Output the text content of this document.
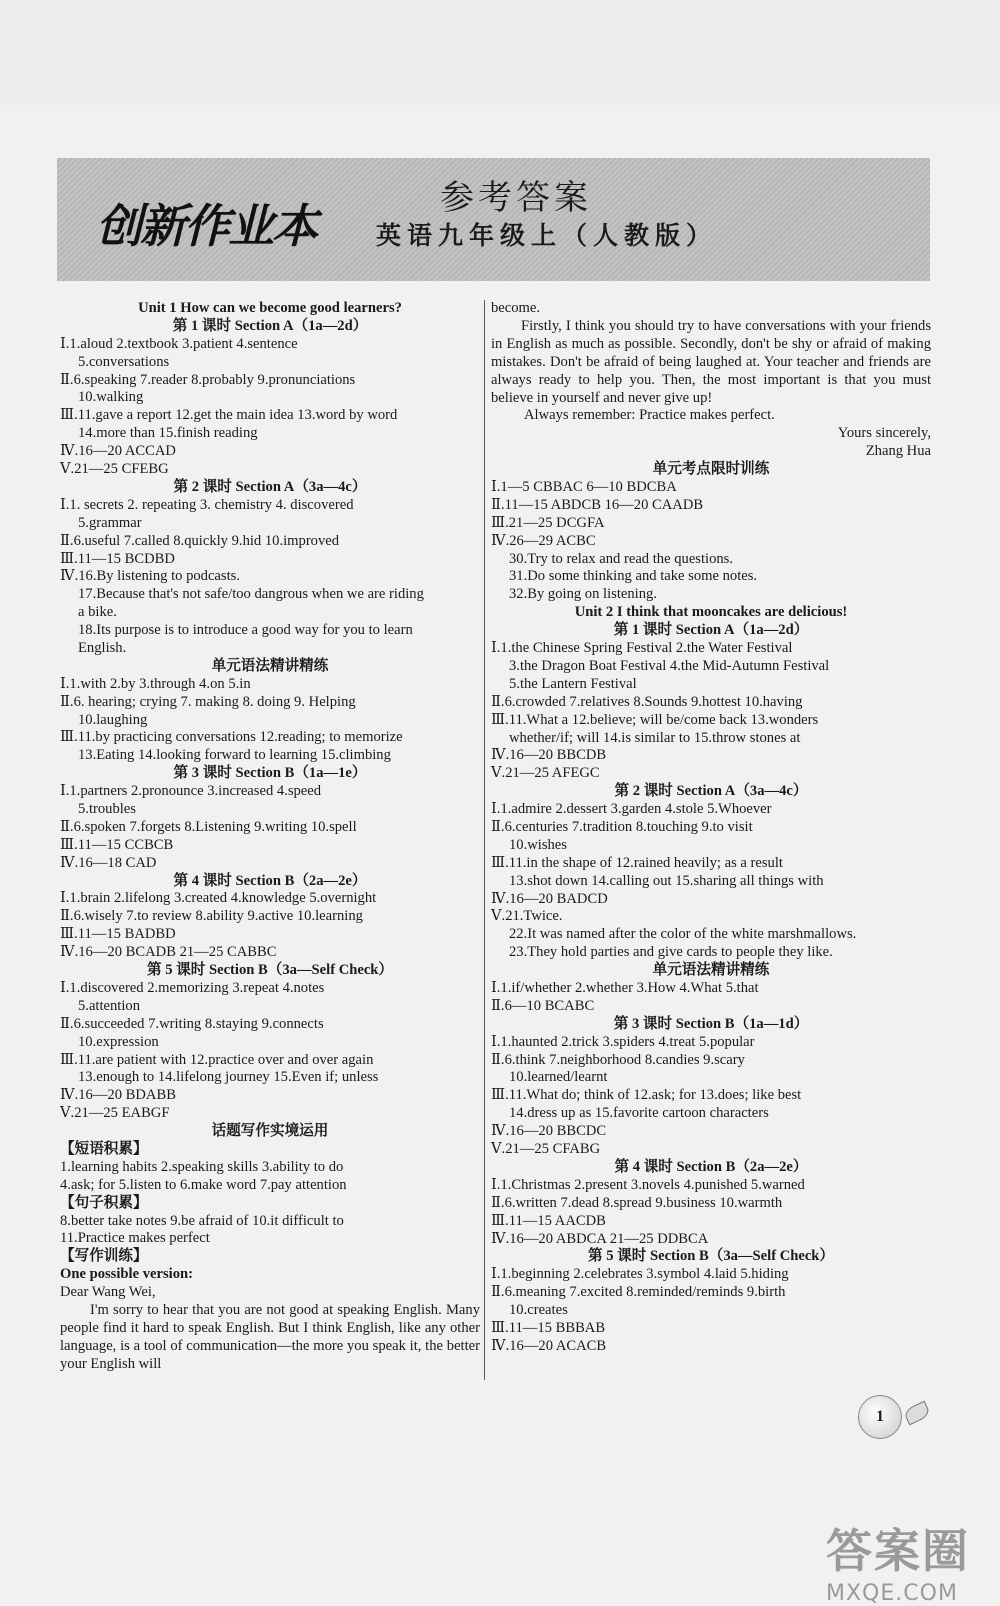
创新作业本
参考答案
英语九年级上（人教版）
Unit 1 How can we become good learners?
第 1 课时 Section A（1a—2d）
Ⅰ.1.aloud 2.textbook 3.patient 4.sentence
5.conversations
Ⅱ.6.speaking 7.reader 8.probably 9.pronunciations
10.walking
Ⅲ.11.gave a report 12.get the main idea 13.word by word
14.more than 15.finish reading
Ⅳ.16—20 ACCAD
Ⅴ.21—25 CFEBG
第 2 课时 Section A（3a—4c）
Ⅰ.1. secrets 2. repeating 3. chemistry 4. discovered
5.grammar
Ⅱ.6.useful 7.called 8.quickly 9.hid 10.improved
Ⅲ.11—15 BCDBD
Ⅳ.16.By listening to podcasts.
17.Because that's not safe/too dangrous when we are riding
a bike.
18.Its purpose is to introduce a good way for you to learn
English.
单元语法精讲精练
Ⅰ.1.with 2.by 3.through 4.on 5.in
Ⅱ.6. hearing; crying 7. making 8. doing 9. Helping
10.laughing
Ⅲ.11.by practicing conversations 12.reading; to memorize
13.Eating 14.looking forward to learning 15.climbing
第 3 课时 Section B（1a—1e）
Ⅰ.1.partners 2.pronounce 3.increased 4.speed
5.troubles
Ⅱ.6.spoken 7.forgets 8.Listening 9.writing 10.spell
Ⅲ.11—15 CCBCB
Ⅳ.16—18 CAD
第 4 课时 Section B（2a—2e）
Ⅰ.1.brain 2.lifelong 3.created 4.knowledge 5.overnight
Ⅱ.6.wisely 7.to review 8.ability 9.active 10.learning
Ⅲ.11—15 BADBD
Ⅳ.16—20 BCADB 21—25 CABBC
第 5 课时 Section B（3a—Self Check）
Ⅰ.1.discovered 2.memorizing 3.repeat 4.notes
5.attention
Ⅱ.6.succeeded 7.writing 8.staying 9.connects
10.expression
Ⅲ.11.are patient with 12.practice over and over again
13.enough to 14.lifelong journey 15.Even if; unless
Ⅳ.16—20 BDABB
Ⅴ.21—25 EABGF
话题写作实境运用
【短语积累】
1.learning habits 2.speaking skills 3.ability to do
4.ask; for 5.listen to 6.make word 7.pay attention
【句子积累】
8.better take notes 9.be afraid of 10.it difficult to
11.Practice makes perfect
【写作训练】
One possible version:
Dear Wang Wei,
I'm sorry to hear that you are not good at speaking English. Many people find it hard to speak English. But I think English, like any other language, is a tool of communication—the more you speak it, the better your English will
become.
Firstly, I think you should try to have conversations with your friends in English as much as possible. Secondly, don't be shy or afraid of making mistakes. Don't be afraid of being laughed at. Your teacher and friends are always ready to help you. Then, the most important is that you must believe in yourself and never give up!
Always remember: Practice makes perfect.
Yours sincerely,
Zhang Hua
单元考点限时训练
Ⅰ.1—5 CBBAC 6—10 BDCBA
Ⅱ.11—15 ABDCB 16—20 CAADB
Ⅲ.21—25 DCGFA
Ⅳ.26—29 ACBC
30.Try to relax and read the questions.
31.Do some thinking and take some notes.
32.By going on listening.
Unit 2 I think that mooncakes are delicious!
第 1 课时 Section A（1a—2d）
Ⅰ.1.the Chinese Spring Festival 2.the Water Festival
3.the Dragon Boat Festival 4.the Mid-Autumn Festival
5.the Lantern Festival
Ⅱ.6.crowded 7.relatives 8.Sounds 9.hottest 10.having
Ⅲ.11.What a 12.believe; will be/come back 13.wonders
whether/if; will 14.is similar to 15.throw stones at
Ⅳ.16—20 BBCDB
Ⅴ.21—25 AFEGC
第 2 课时 Section A（3a—4c）
Ⅰ.1.admire 2.dessert 3.garden 4.stole 5.Whoever
Ⅱ.6.centuries 7.tradition 8.touching 9.to visit
10.wishes
Ⅲ.11.in the shape of 12.rained heavily; as a result
13.shot down 14.calling out 15.sharing all things with
Ⅳ.16—20 BADCD
Ⅴ.21.Twice.
22.It was named after the color of the white marshmallows.
23.They hold parties and give cards to people they like.
单元语法精讲精练
Ⅰ.1.if/whether 2.whether 3.How 4.What 5.that
Ⅱ.6—10 BCABC
第 3 课时 Section B（1a—1d）
Ⅰ.1.haunted 2.trick 3.spiders 4.treat 5.popular
Ⅱ.6.think 7.neighborhood 8.candies 9.scary
10.learned/learnt
Ⅲ.11.What do; think of 12.ask; for 13.does; like best
14.dress up as 15.favorite cartoon characters
Ⅳ.16—20 BBCDC
Ⅴ.21—25 CFABG
第 4 课时 Section B（2a—2e）
Ⅰ.1.Christmas 2.present 3.novels 4.punished 5.warned
Ⅱ.6.written 7.dead 8.spread 9.business 10.warmth
Ⅲ.11—15 AACDB
Ⅳ.16—20 ABDCA 21—25 DDBCA
第 5 课时 Section B（3a—Self Check）
Ⅰ.1.beginning 2.celebrates 3.symbol 4.laid 5.hiding
Ⅱ.6.meaning 7.excited 8.reminded/reminds 9.birth
10.creates
Ⅲ.11—15 BBBAB
Ⅳ.16—20 ACACB
1
答案圈
MXQE.COM
